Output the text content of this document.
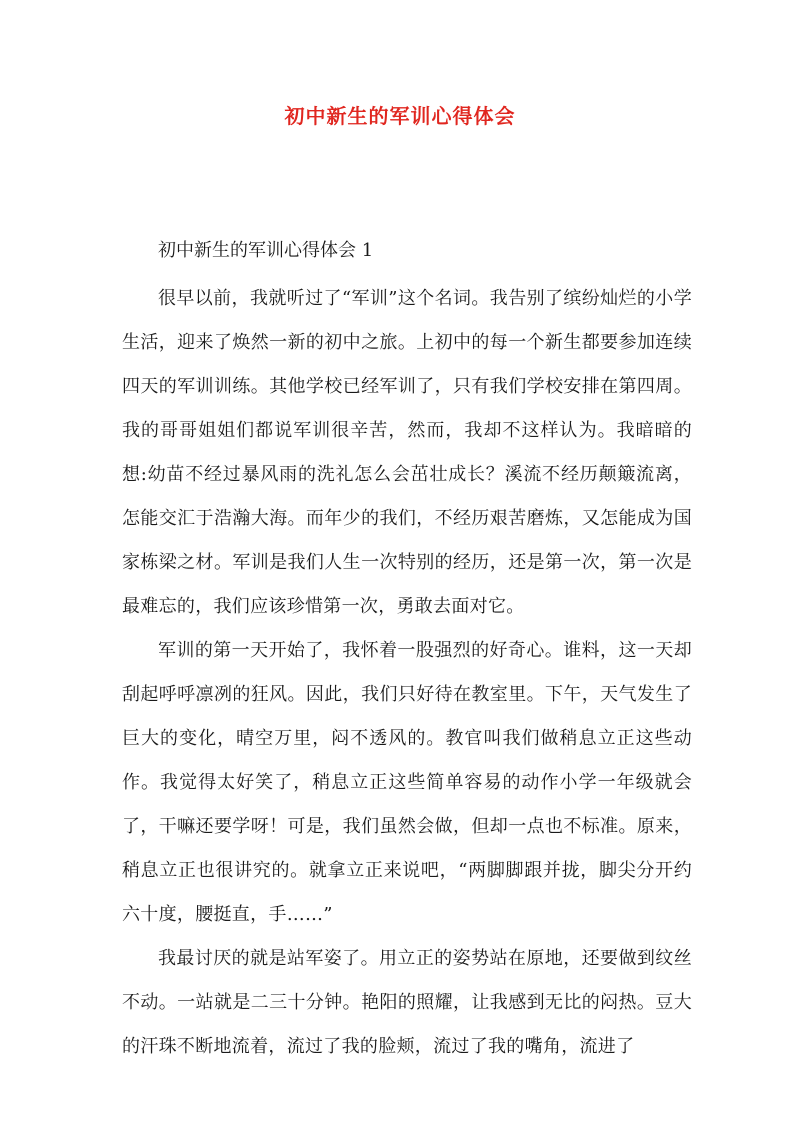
初中新生的军训心得体会

初中新生的军训心得体会 1

很早以前，我就听过了“军训”这个名词。我告别了缤纷灿烂的小学生活，迎来了焕然一新的初中之旅。上初中的每一个新生都要参加连续四天的军训训练。其他学校已经军训了，只有我们学校安排在第四周。我的哥哥姐姐们都说军训很辛苦，然而，我却不这样认为。我暗暗的想:幼苗不经过暴风雨的洗礼怎么会茁壮成长？溪流不经历颠簸流离，怎能交汇于浩瀚大海。而年少的我们，不经历艰苦磨炼，又怎能成为国家栋梁之材。军训是我们人生一次特别的经历，还是第一次，第一次是最难忘的，我们应该珍惜第一次，勇敢去面对它。

军训的第一天开始了，我怀着一股强烈的好奇心。谁料，这一天却刮起呼呼凛冽的狂风。因此，我们只好待在教室里。下午，天气发生了巨大的变化，晴空万里，闷不透风的。教官叫我们做稍息立正这些动作。我觉得太好笑了，稍息立正这些简单容易的动作小学一年级就会了，干嘛还要学呀！可是，我们虽然会做，但却一点也不标准。原来，稍息立正也很讲究的。就拿立正来说吧，“两脚脚跟并拢，脚尖分开约六十度，腰挺直，手……”

我最讨厌的就是站军姿了。用立正的姿势站在原地，还要做到纹丝不动。一站就是二三十分钟。艳阳的照耀，让我感到无比的闷热。豆大的汗珠不断地流着，流过了我的脸颊，流过了我的嘴角，流进了
